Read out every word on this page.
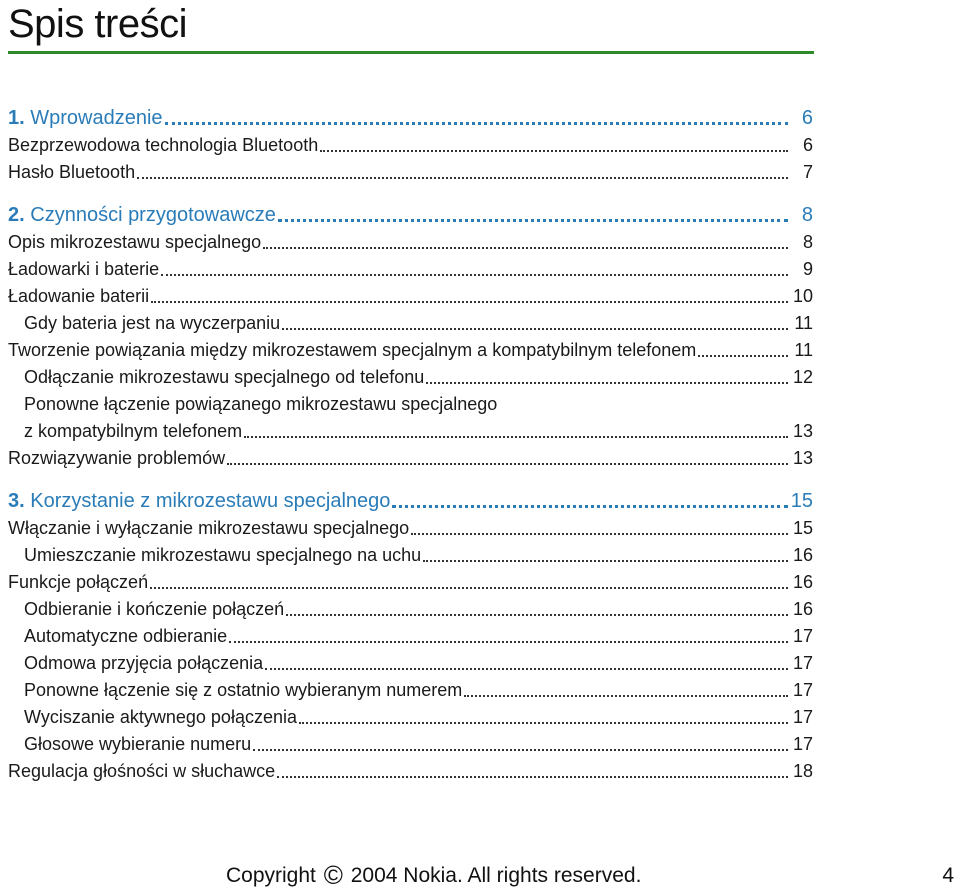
Spis treści
1. Wprowadzenie	6
Bezprzewodowa technologia Bluetooth	6
Hasło Bluetooth	7
2. Czynności przygotowawcze	8
Opis mikrozestawu specjalnego	8
Ładowarki i baterie	9
Ładowanie baterii	10
Gdy bateria jest na wyczerpaniu	11
Tworzenie powiązania między mikrozestawem specjalnym a kompatybilnym telefonem	11
Odłączanie mikrozestawu specjalnego od telefonu	12
Ponowne łączenie powiązanego mikrozestawu specjalnego
z kompatybilnym telefonem	13
Rozwiązywanie problemów	13
3. Korzystanie z mikrozestawu specjalnego	15
Włączanie i wyłączanie mikrozestawu specjalnego	15
Umieszczanie mikrozestawu specjalnego na uchu	16
Funkcje połączeń	16
Odbieranie i kończenie połączeń	16
Automatyczne odbieranie	17
Odmowa przyjęcia połączenia	17
Ponowne łączenie się z ostatnio wybieranym numerem	17
Wyciszanie aktywnego połączenia	17
Głosowe wybieranie numeru	17
Regulacja głośności w słuchawce	18
Copyright © 2004 Nokia. All rights reserved.	4
